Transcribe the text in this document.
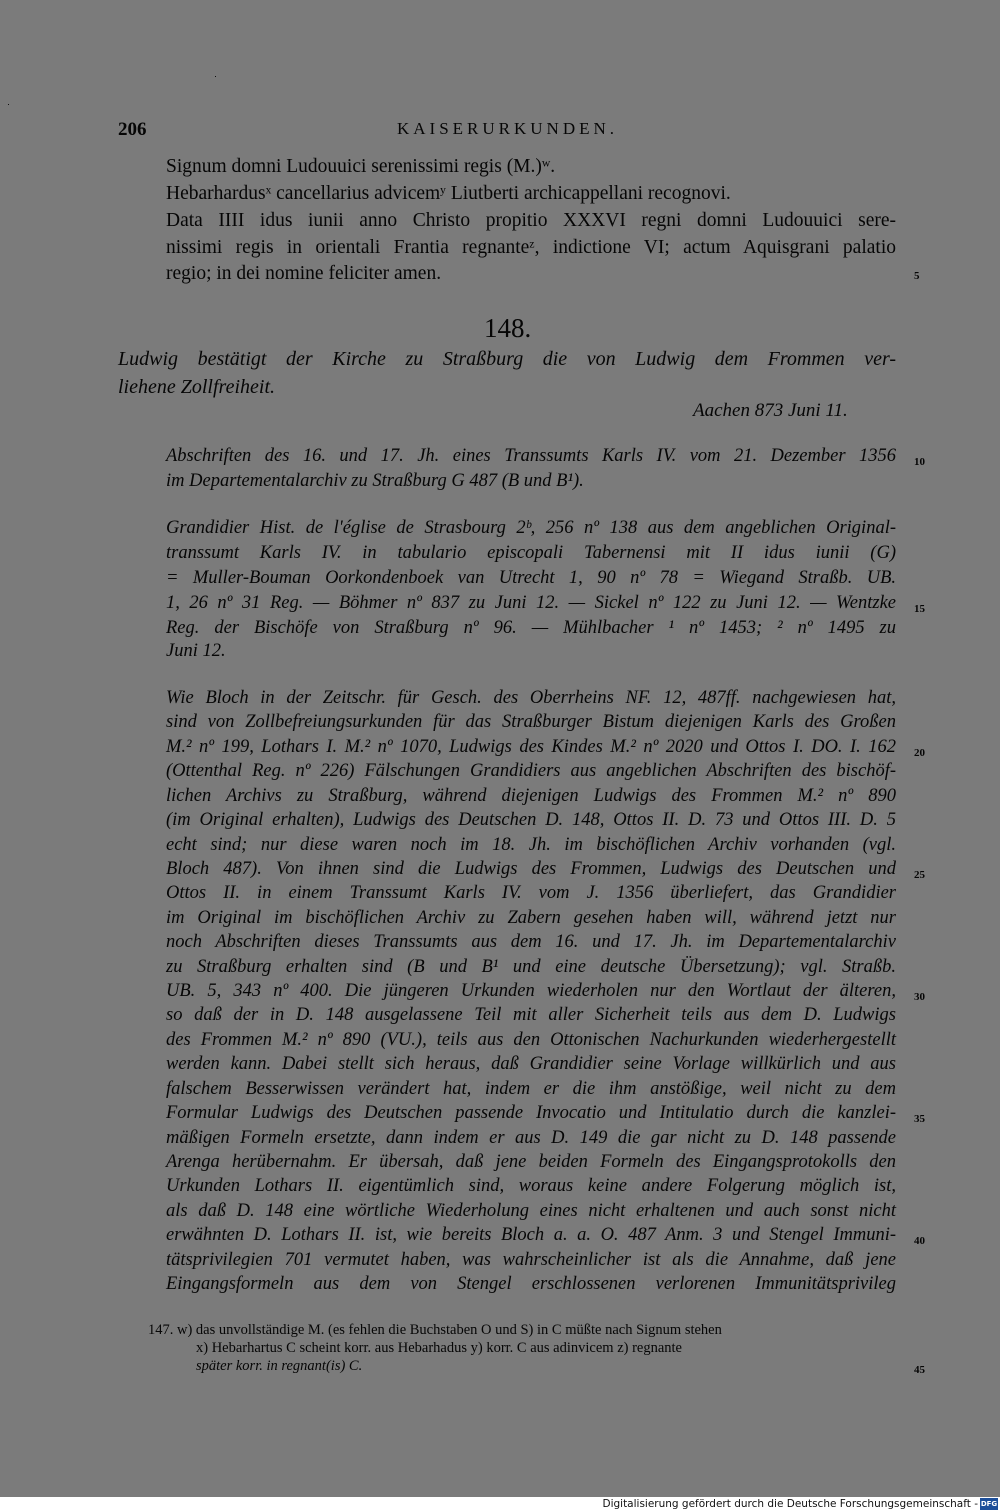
206	KAISERURKUNDEN.
Signum domni Ludouuici serenissimi regis (M.)ʷ.
Hebarhardusˣ cancellarius advicemʸ Liutberti archicappellani recognovi.
Data IIII idus iunii anno Christo propitio XXXVI regni domni Ludouuici sere-
nissimi regis in orientali Frantia regnanteᶻ, indictione VI; actum Aquisgrani palatio
regio; in dei nomine feliciter amen.	5
148.
Ludwig bestätigt der Kirche zu Straßburg die von Ludwig dem Frommen ver-
liehene Zollfreiheit.
Aachen 873 Juni 11.
Abschriften des 16. und 17. Jh. eines Transsumts Karls IV. vom 21. Dezember 1356 10
im Departementalarchiv zu Straßburg G 487 (B und B¹).
Grandidier Hist. de l'église de Strasbourg 2ᵇ, 256 nº 138 aus dem angeblichen Original-
transsumt Karls IV. in tabulario episcopali Tabernensi mit II idus iunii (G)
= Muller-Bouman Oorkondenboek van Utrecht 1, 90 nº 78 = Wiegand Straßb. UB.
1, 26 nº 31 Reg. — Böhmer nº 837 zu Juni 12. — Sickel nº 122 zu Juni 12. — Wentzke 15
Reg. der Bischöfe von Straßburg nº 96. — Mühlbacher ¹ nº 1453; ² nº 1495 zu
Juni 12.
Wie Bloch in der Zeitschr. für Gesch. des Oberrheins NF. 12, 487ff. nachgewiesen hat,
sind von Zollbefreiungsurkunden für das Straßburger Bistum diejenigen Karls des Großen
M.² nº 199, Lothars I. M.² nº 1070, Ludwigs des Kindes M.² nº 2020 und Ottos I. DO. I. 162 20
(Ottenthal Reg. nº 226) Fälschungen Grandidiers aus angeblichen Abschriften des bischöf-
lichen Archivs zu Straßburg, während diejenigen Ludwigs des Frommen M.² nº 890
(im Original erhalten), Ludwigs des Deutschen D. 148, Ottos II. D. 73 und Ottos III. D. 5
echt sind; nur diese waren noch im 18. Jh. im bischöflichen Archiv vorhanden (vgl.
Bloch 487). Von ihnen sind die Ludwigs des Frommen, Ludwigs des Deutschen und 25
Ottos II. in einem Transsumt Karls IV. vom J. 1356 überliefert, das Grandidier
im Original im bischöflichen Archiv zu Zabern gesehen haben will, während jetzt nur
noch Abschriften dieses Transsumts aus dem 16. und 17. Jh. im Departementalarchiv
zu Straßburg erhalten sind (B und B¹ und eine deutsche Übersetzung); vgl. Straßb.
UB. 5, 343 nº 400. Die jüngeren Urkunden wiederholen nur den Wortlaut der älteren, 30
so daß der in D. 148 ausgelassene Teil mit aller Sicherheit teils aus dem D. Ludwigs
des Frommen M.² nº 890 (VU.), teils aus den Ottonischen Nachurkunden wiederhergestellt
werden kann. Dabei stellt sich heraus, daß Grandidier seine Vorlage willkürlich und aus
falschem Besserwissen verändert hat, indem er die ihm anstößige, weil nicht zu dem
Formular Ludwigs des Deutschen passende Invocatio und Intitulatio durch die kanzlei- 35
mäßigen Formeln ersetzte, dann indem er aus D. 149 die gar nicht zu D. 148 passende
Arenga herübernahm. Er übersah, daß jene beiden Formeln des Eingangsprotokolls den
Urkunden Lothars II. eigentümlich sind, woraus keine andere Folgerung möglich ist,
als daß D. 148 eine wörtliche Wiederholung eines nicht erhaltenen und auch sonst nicht
erwähnten D. Lothars II. ist, wie bereits Bloch a. a. O. 487 Anm. 3 und Stengel Immuni- 40
tätsprivilegien 701 vermutet haben, was wahrscheinlicher ist als die Annahme, daß jene
Eingangsformeln aus dem von Stengel erschlossenen verlorenen Immunitätsprivileg
147. w) das unvollständige M. (es fehlen die Buchstaben O und S) in C müßte nach Signum stehen
x) Hebarhartus C scheint korr. aus Hebarhadus y) korr. C aus adinvicem z) regnante
später korr. in regnant(is) C.	45
Digitalisierung gefördert durch die Deutsche Forschungsgemeinschaft - DFG
